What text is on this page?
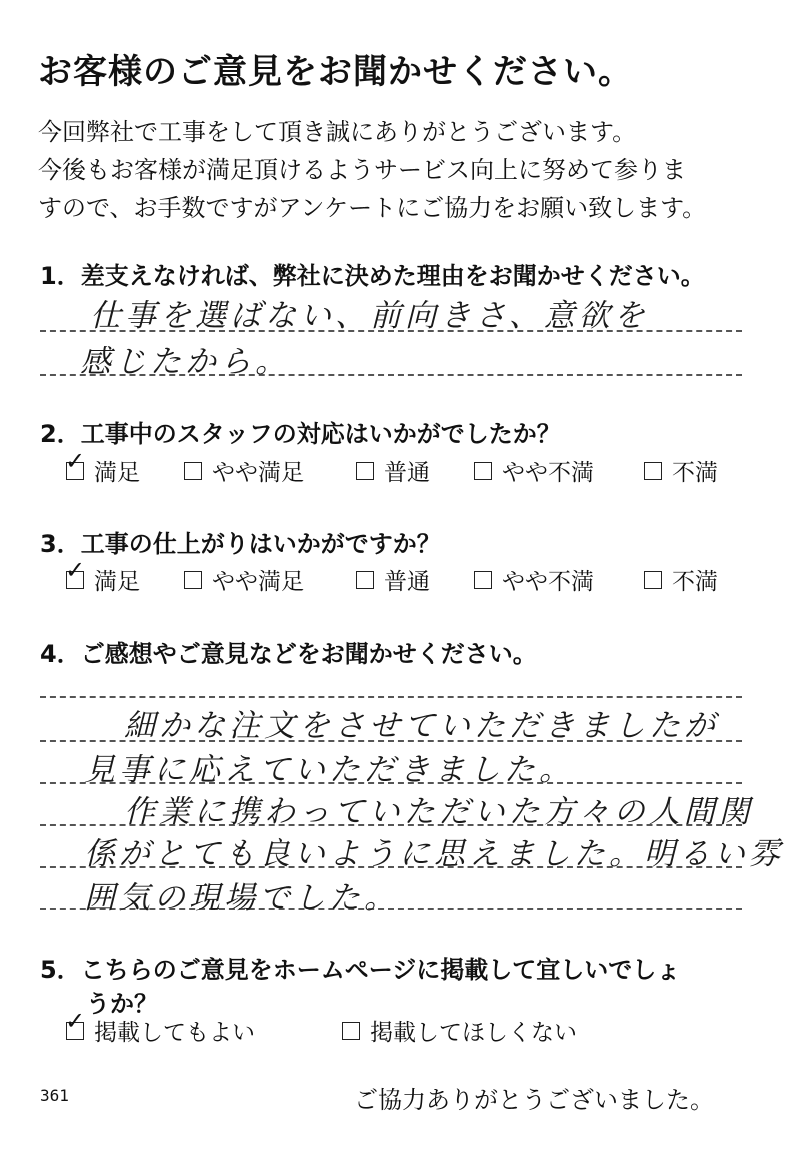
お客様のご意見をお聞かせください。
今回弊社で工事をして頂き誠にありがとうございます。
今後もお客様が満足頂けるようサービス向上に努めて参りま
すので、お手数ですがアンケートにご協力をお願い致します。
1．差支えなければ、弊社に決めた理由をお聞かせください。
仕事を選ばない、前向きさ、意欲を
感じたから。
2．工事中のスタッフの対応はいかがでしたか？
✓ 満足	やや満足	普通	やや不満	不満
3．工事の仕上がりはいかがですか？
✓ 満足	やや満足	普通	やや不満	不満
4．ご感想やご意見などをお聞かせください。
細かな注文をさせていただきましたが
見事に応えていただきました。
作業に携わっていただいた方々の人間関
係がとても良いように思えました。明るい雰
囲気の現場でした。
5．こちらのご意見をホームページに掲載して宜しいでしょ
うか？
✓ 掲載してもよい	掲載してほしくない
361	ご協力ありがとうございました。
